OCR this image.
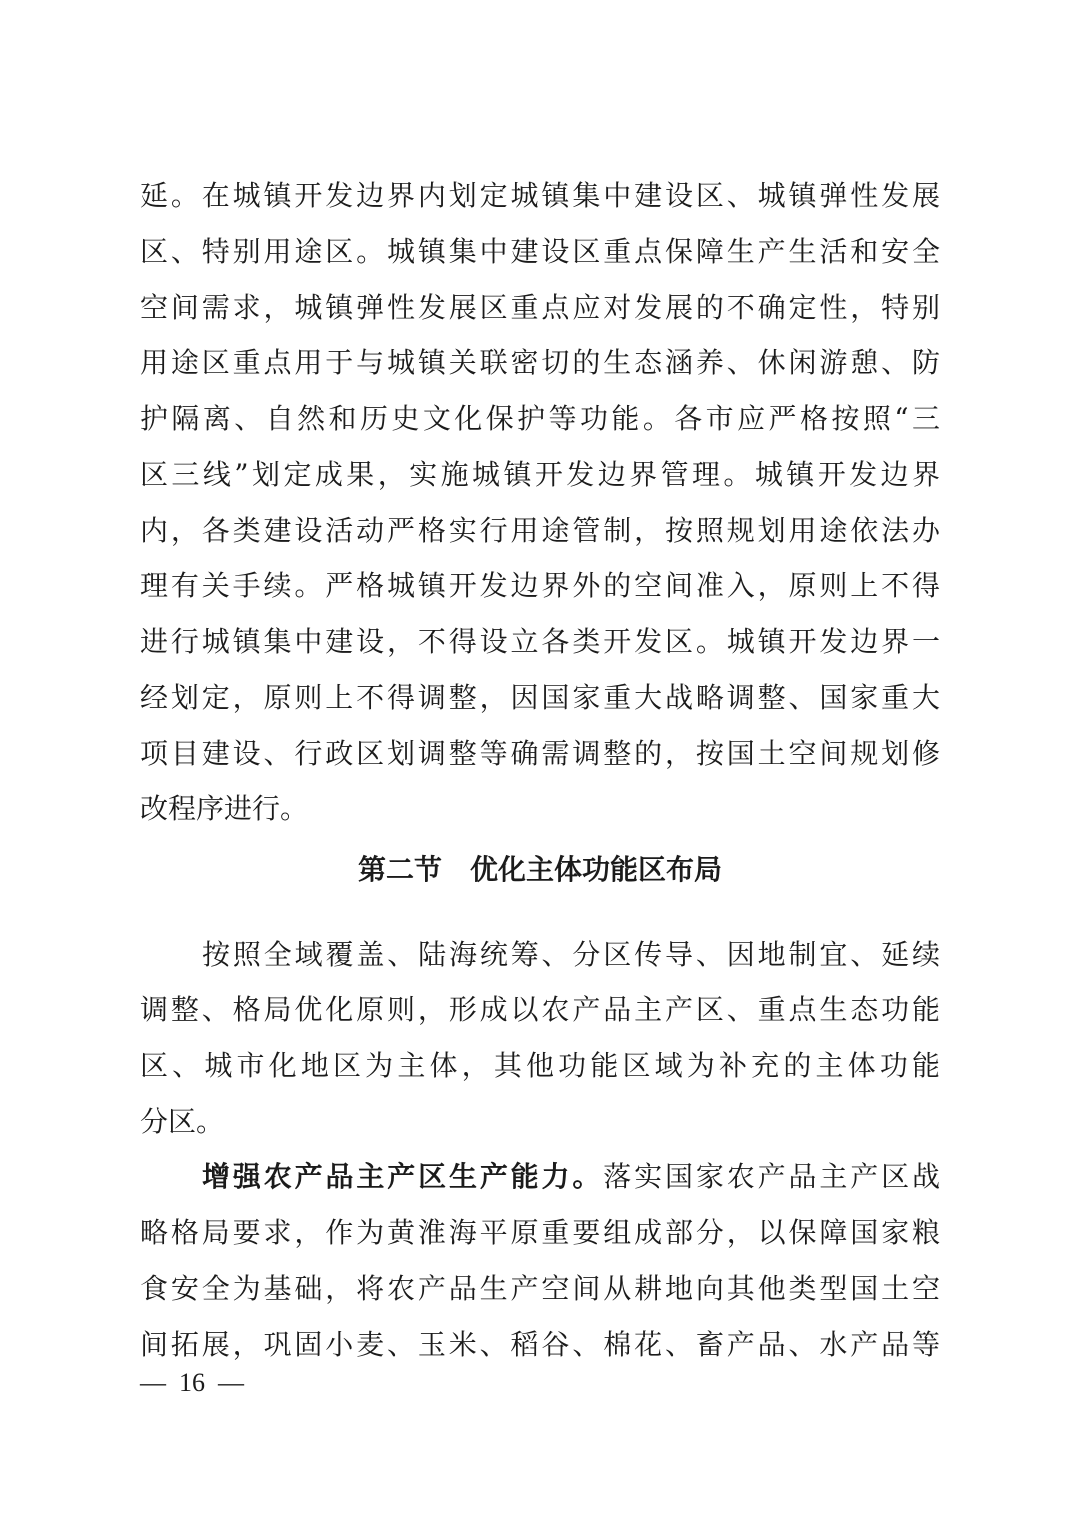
延。在城镇开发边界内划定城镇集中建设区、城镇弹性发展
区、特别用途区。城镇集中建设区重点保障生产生活和安全
空间需求，城镇弹性发展区重点应对发展的不确定性，特别
用途区重点用于与城镇关联密切的生态涵养、休闲游憩、防
护隔离、自然和历史文化保护等功能。各市应严格按照“三
区三线”划定成果，实施城镇开发边界管理。城镇开发边界
内，各类建设活动严格实行用途管制，按照规划用途依法办
理有关手续。严格城镇开发边界外的空间准入，原则上不得
进行城镇集中建设，不得设立各类开发区。城镇开发边界一
经划定，原则上不得调整，因国家重大战略调整、国家重大
项目建设、行政区划调整等确需调整的，按国土空间规划修
改程序进行。
第二节　优化主体功能区布局
按照全域覆盖、陆海统筹、分区传导、因地制宜、延续
调整、格局优化原则，形成以农产品主产区、重点生态功能
区、城市化地区为主体，其他功能区域为补充的主体功能
分区。
增强农产品主产区生产能力。落实国家农产品主产区战
略格局要求，作为黄淮海平原重要组成部分，以保障国家粮
食安全为基础，将农产品生产空间从耕地向其他类型国土空
间拓展，巩固小麦、玉米、稻谷、棉花、畜产品、水产品等
—  16  —
